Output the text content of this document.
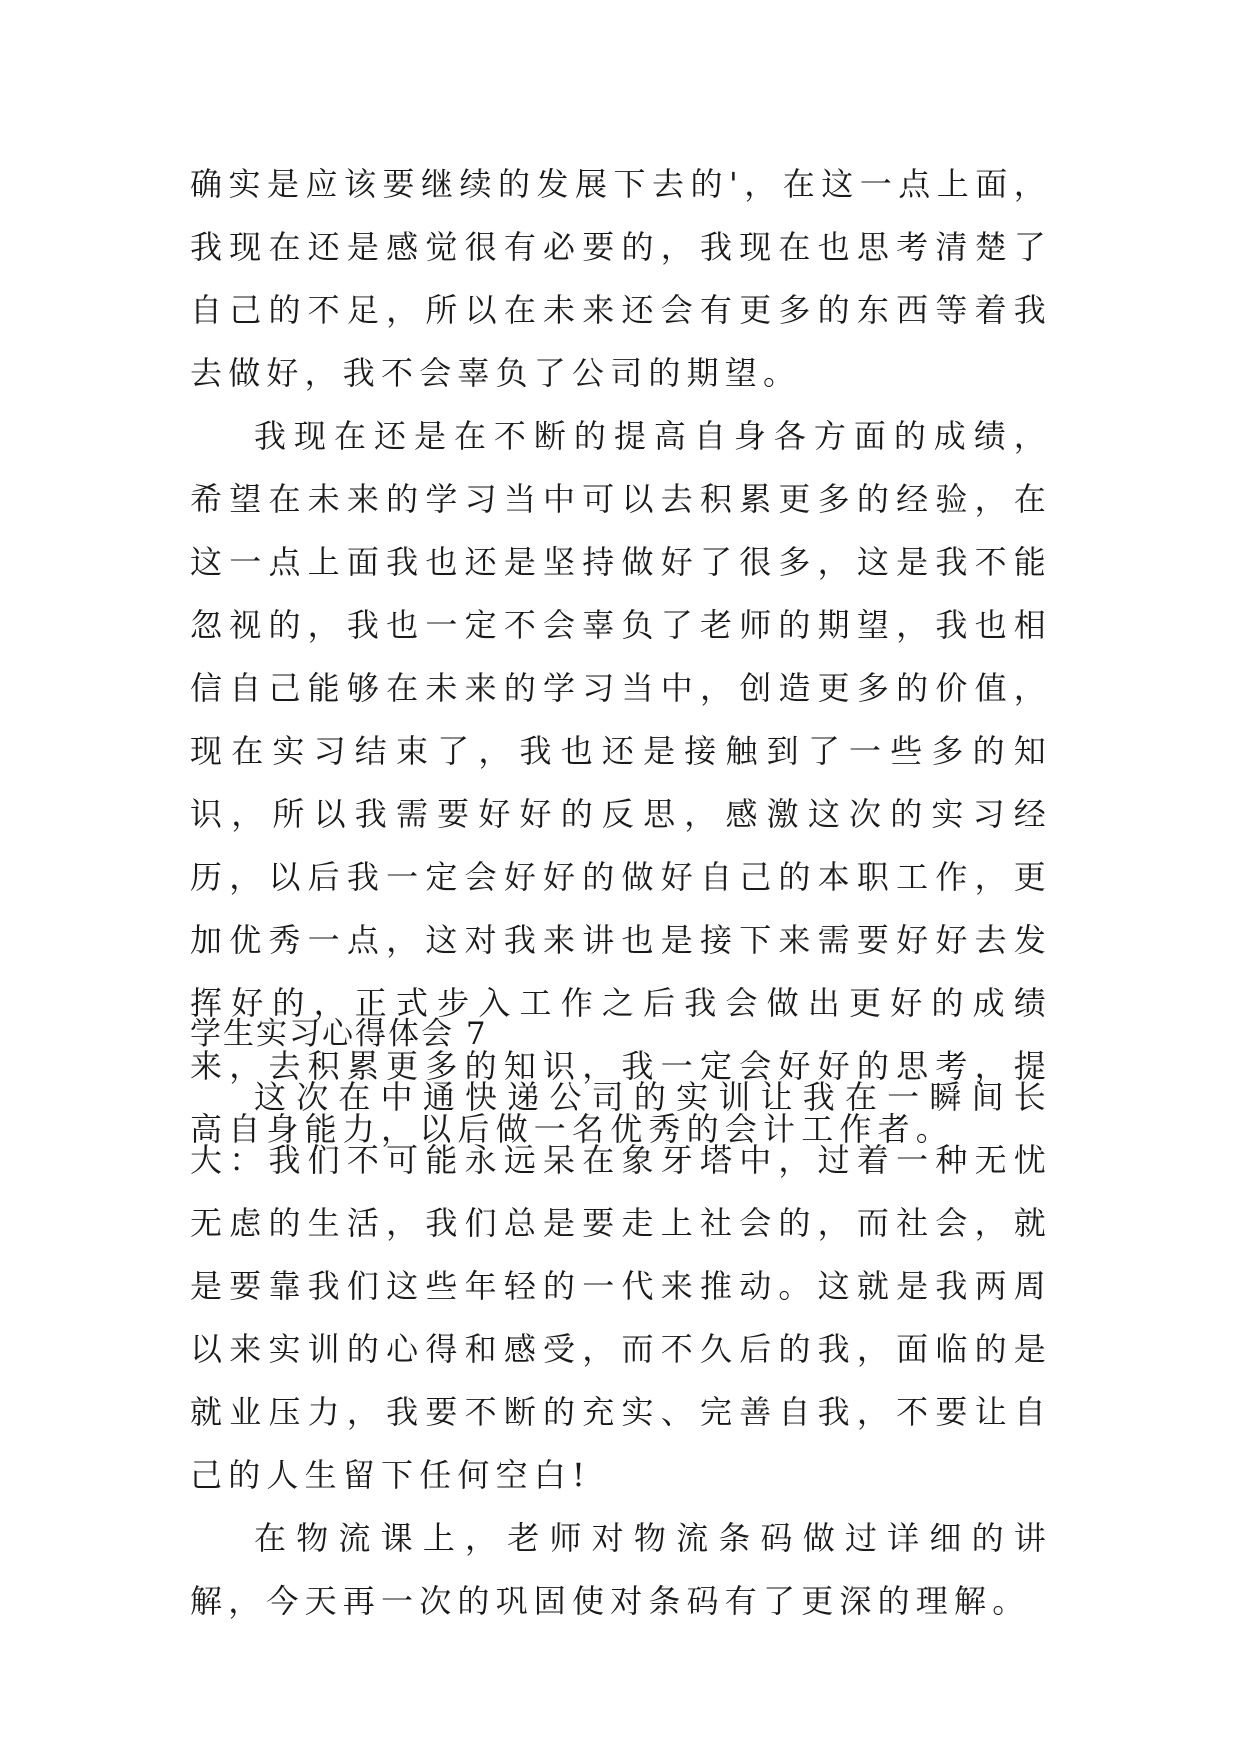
确实是应该要继续的发展下去的'，在这一点上面，我现在还是感觉很有必要的，我现在也思考清楚了自己的不足，所以在未来还会有更多的东西等着我去做好，我不会辜负了公司的期望。

我现在还是在不断的提高自身各方面的成绩，希望在未来的学习当中可以去积累更多的经验，在这一点上面我也还是坚持做好了很多，这是我不能忽视的，我也一定不会辜负了老师的期望，我也相信自己能够在未来的学习当中，创造更多的价值，现在实习结束了，我也还是接触到了一些多的知识，所以我需要好好的反思，感激这次的实习经历，以后我一定会好好的做好自己的本职工作，更加优秀一点，这对我来讲也是接下来需要好好去发挥好的，正式步入工作之后我会做出更好的成绩来，去积累更多的知识，我一定会好好的思考，提高自身能力，以后做一名优秀的会计工作者。

学生实习心得体会 7

这次在中通快递公司的实训让我在一瞬间长大：我们不可能永远呆在象牙塔中，过着一种无忧无虑的生活，我们总是要走上社会的，而社会，就是要靠我们这些年轻的一代来推动。这就是我两周以来实训的心得和感受，而不久后的我，面临的是就业压力，我要不断的充实、完善自我，不要让自己的人生留下任何空白!

在物流课上，老师对物流条码做过详细的讲解，今天再一次的巩固使对条码有了更深的理解。
